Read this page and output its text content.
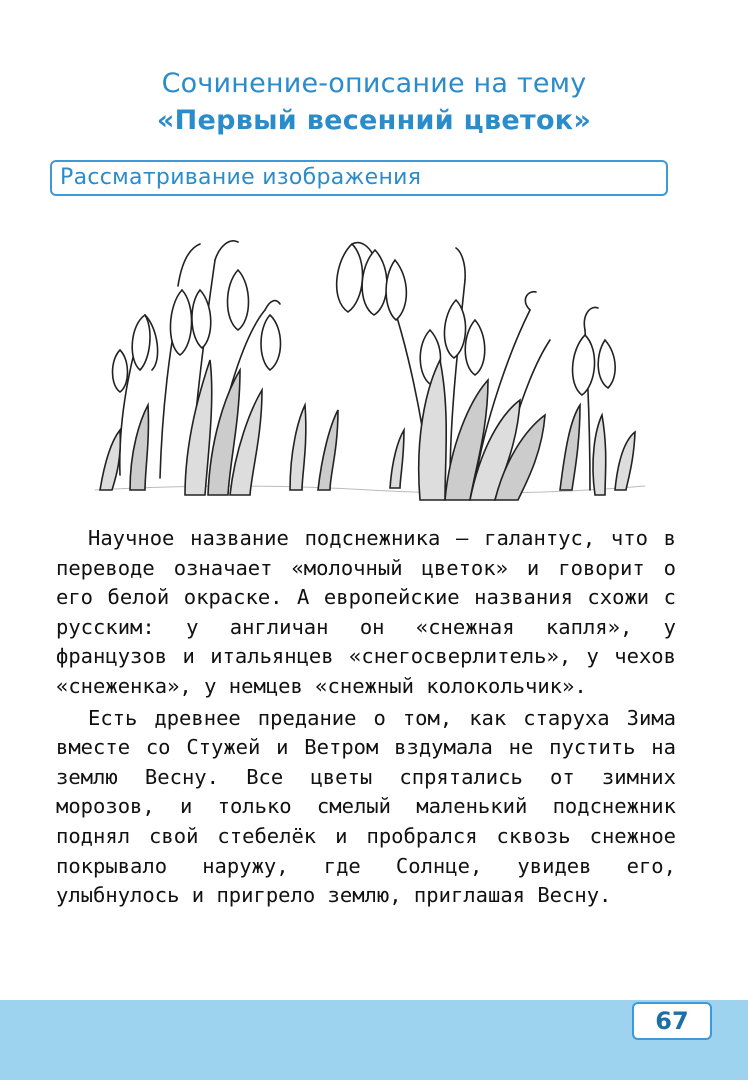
Сочинение-описание на тему
«Первый весенний цветок»
Рассматривание изображения

Научное название подснежника — галантус, что в переводе означает «молочный цветок» и говорит о его белой окраске. А европейские названия схожи с русским: у англичан он «снежная капля», у французов и итальянцев «снегосверлитель», у чехов «снеженка», у немцев «снежный колокольчик».

Есть древнее предание о том, как старуха Зима вместе со Стужей и Ветром вздумала не пустить на землю Весну. Все цветы спрятались от зимних морозов, и только смелый маленький подснежник поднял свой стебелёк и пробрался сквозь снежное покрывало наружу, где Солнце, увидев его, улыбнулось и пригрело землю, приглашая Весну.

67
